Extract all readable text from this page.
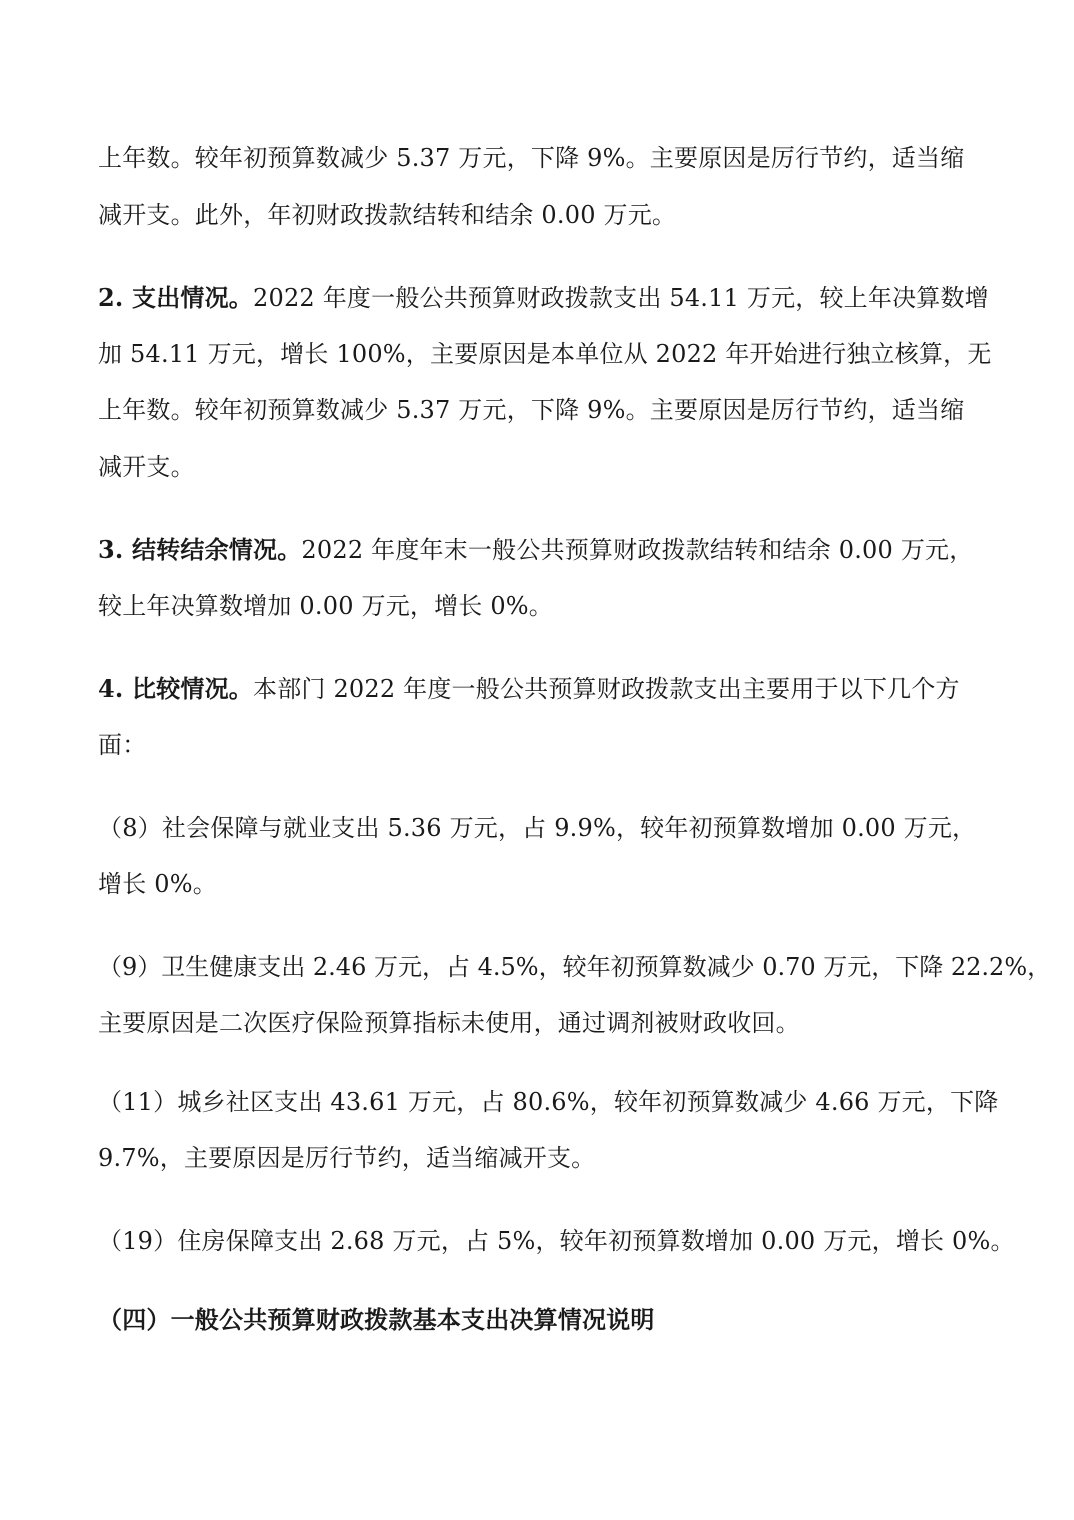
上年数。较年初预算数减少 5.37 万元，下降 9%。主要原因是厉行节约，适当缩
减开支。此外，年初财政拨款结转和结余 0.00 万元。
2. 支出情况。2022 年度一般公共预算财政拨款支出 54.11 万元，较上年决算数增
加 54.11 万元，增长 100%，主要原因是本单位从 2022 年开始进行独立核算，无
上年数。较年初预算数减少 5.37 万元，下降 9%。主要原因是厉行节约，适当缩
减开支。
3. 结转结余情况。2022 年度年末一般公共预算财政拨款结转和结余 0.00 万元，
较上年决算数增加 0.00 万元，增长 0%。
4. 比较情况。本部门 2022 年度一般公共预算财政拨款支出主要用于以下几个方
面：
（8）社会保障与就业支出 5.36 万元，占 9.9%，较年初预算数增加 0.00 万元，
增长 0%。
（9）卫生健康支出 2.46 万元，占 4.5%，较年初预算数减少 0.70 万元，下降 22.2%，
主要原因是二次医疗保险预算指标未使用，通过调剂被财政收回。
（11）城乡社区支出 43.61 万元，占 80.6%，较年初预算数减少 4.66 万元，下降
9.7%，主要原因是厉行节约，适当缩减开支。
（19）住房保障支出 2.68 万元，占 5%，较年初预算数增加 0.00 万元，增长 0%。
（四）一般公共预算财政拨款基本支出决算情况说明
